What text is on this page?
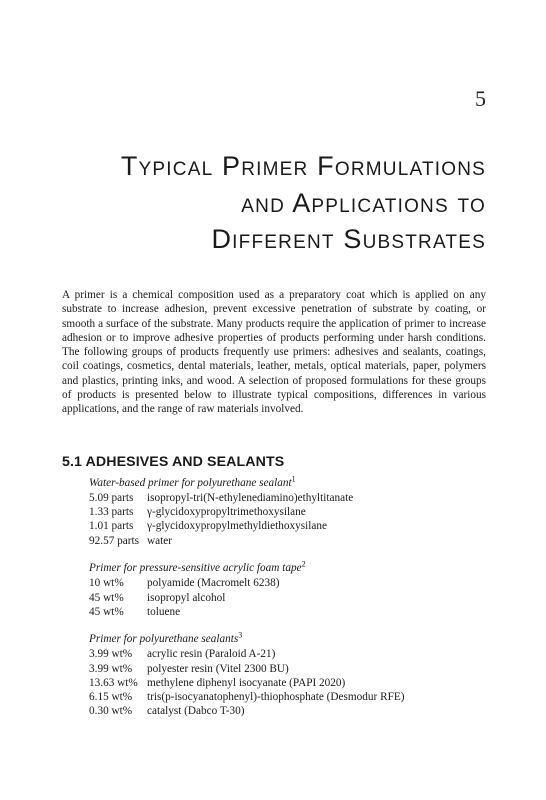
5
Typical Primer Formulations
and Applications to
Different Substrates

A primer is a chemical composition used as a preparatory coat which is applied on any substrate to increase adhesion, prevent excessive penetration of substrate by coating, or smooth a surface of the substrate. Many products require the application of primer to increase adhesion or to improve adhesive properties of products performing under harsh conditions. The following groups of products frequently use primers: adhesives and sealants, coatings, coil coatings, cosmetics, dental materials, leather, metals, optical materials, paper, polymers and plastics, printing inks, and wood. A selection of proposed formulations for these groups of products is presented below to illustrate typical compositions, differences in various applications, and the range of raw materials involved.

5.1 ADHESIVES AND SEALANTS
Water-based primer for polyurethane sealant$^1$
5.09 parts	isopropyl-tri(N-ethylenediamino)ethyltitanate
1.33 parts	γ-glycidoxypropyltrimethoxysilane
1.01 parts	γ-glycidoxypropylmethyldiethoxysilane
92.57 parts water
Primer for pressure-sensitive acrylic foam tape$^2$
10 wt%	polyamide (Macromelt 6238)
45 wt%	isopropyl alcohol
45 wt%	toluene
Primer for polyurethane sealants$^3$
3.99 wt%	acrylic resin (Paraloid A-21)
3.99 wt%	polyester resin (Vitel 2300 BU)
13.63 wt% methylene diphenyl isocyanate (PAPI 2020)
6.15 wt%	tris(p-isocyanatophenyl)-thiophosphate (Desmodur RFE)
0.30 wt%	catalyst (Dabco T-30)
